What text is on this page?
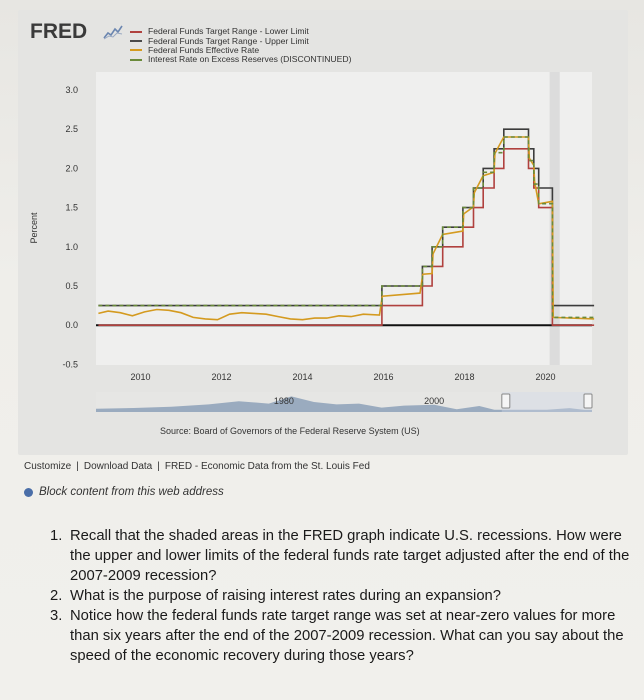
FRED	Federal Funds Target Range - Lower Limit
Federal Funds Target Range - Upper Limit
Federal Funds Effective Rate
Interest Rate on Excess Reserves (DISCONTINUED)
Percent
3.0
2.5
2.0
1.5
1.0
0.5
0.0
-0.5
2010	2012	2014	2016	2018	2020
1980	2000
Source: Board of Governors of the Federal Reserve System (US)
Customize | Download Data | FRED - Economic Data from the St. Louis Fed
Block content from this web address
1. Recall that the shaded areas in the FRED graph indicate U.S. recessions. How were the upper and lower limits of the federal funds rate target adjusted after the end of the 2007-2009 recession?
2. What is the purpose of raising interest rates during an expansion?
3. Notice how the federal funds rate target range was set at near-zero values for more than six years after the end of the 2007-2009 recession. What can you say about the speed of the economic recovery during those years?
